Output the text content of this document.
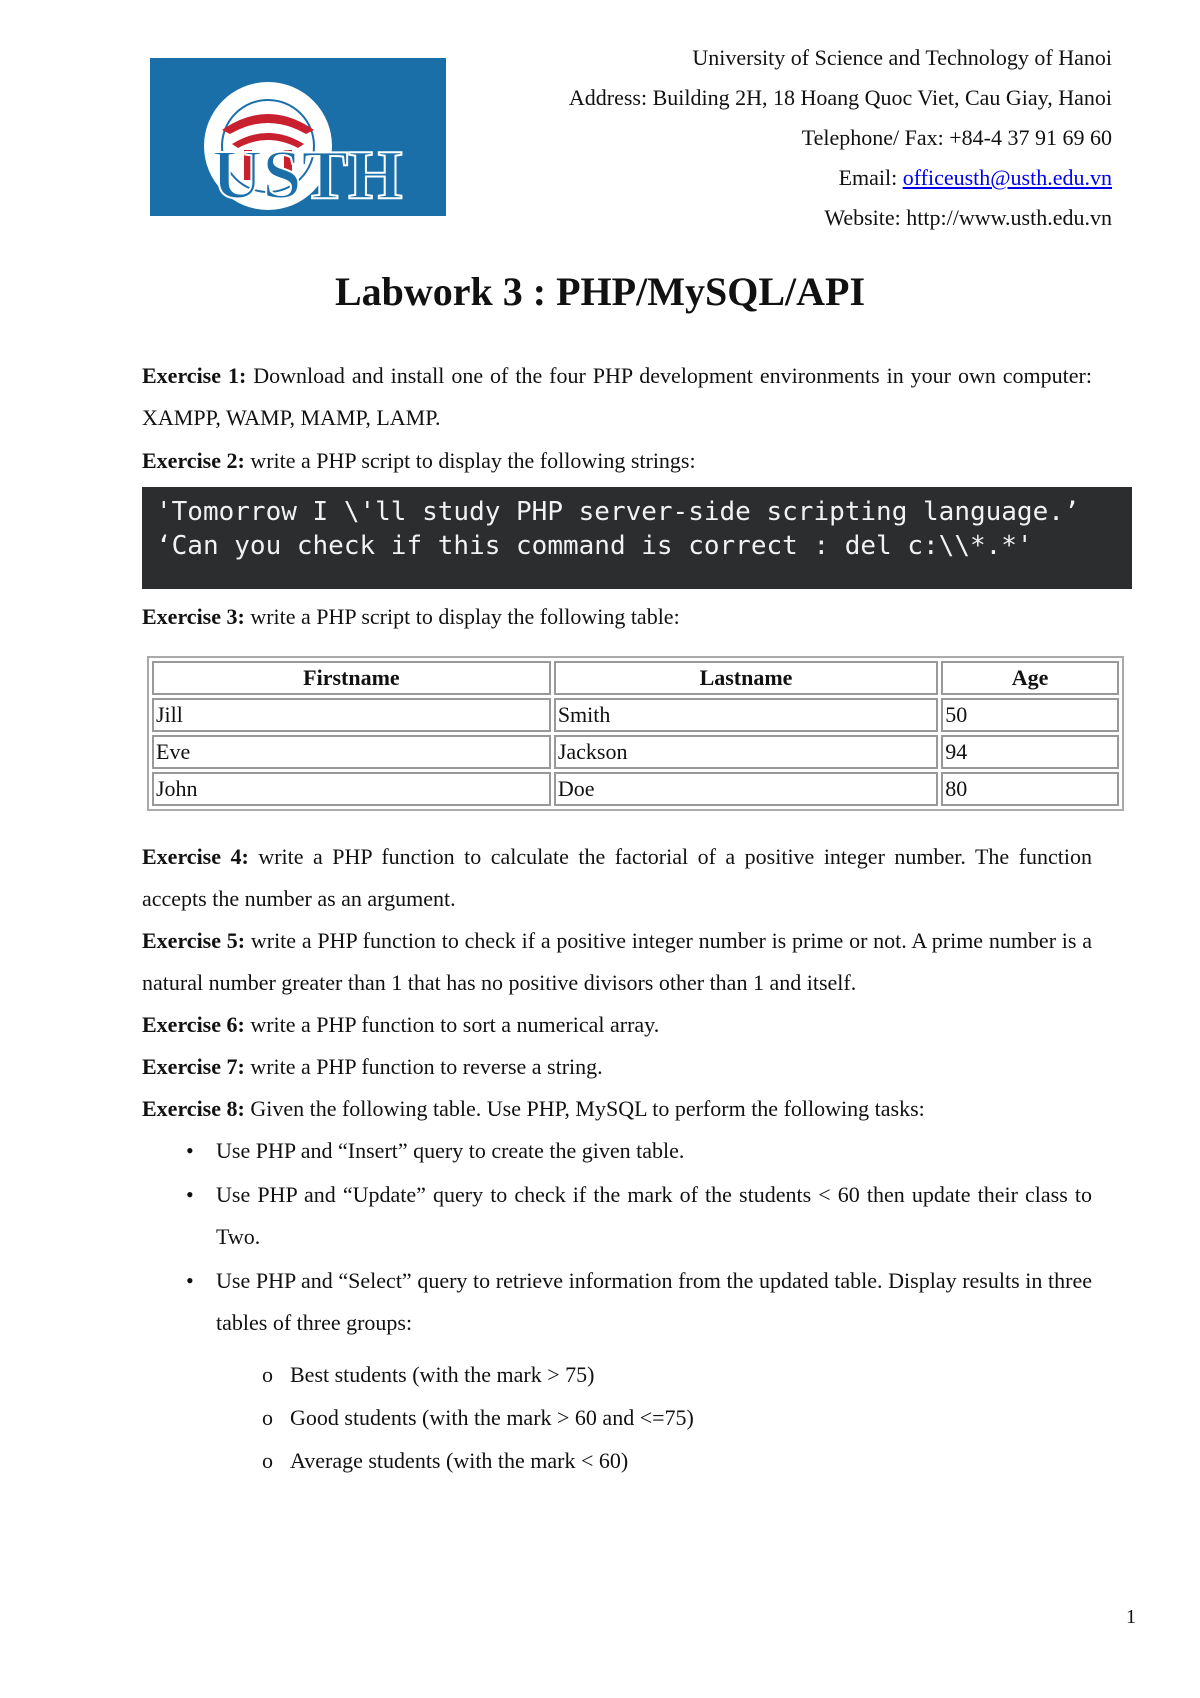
USTH
University of Science and Technology of Hanoi
Address: Building 2H, 18 Hoang Quoc Viet, Cau Giay, Hanoi
Telephone/ Fax: +84-4 37 91 69 60
Email: officeusth@usth.edu.vn
Website: http://www.usth.edu.vn
Labwork 3 : PHP/MySQL/API
Exercise 1: Download and install one of the four PHP development environments in your own computer: XAMPP, WAMP, MAMP, LAMP.
Exercise 2: write a PHP script to display the following strings:
'Tomorrow I \'ll study PHP server-side scripting language.’
‘Can you check if this command is correct : del c:\\*.*'
Exercise 3: write a PHP script to display the following table:
Firstname	Lastname	Age
Jill	Smith	50
Eve	Jackson	94
John	Doe	80
Exercise 4: write a PHP function to calculate the factorial of a positive integer number. The function accepts the number as an argument.
Exercise 5: write a PHP function to check if a positive integer number is prime or not. A prime number is a natural number greater than 1 that has no positive divisors other than 1 and itself.
Exercise 6: write a PHP function to sort a numerical array.
Exercise 7: write a PHP function to reverse a string.
Exercise 8: Given the following table. Use PHP, MySQL to perform the following tasks:
• Use PHP and “Insert” query to create the given table.
• Use PHP and “Update” query to check if the mark of the students < 60 then update their class to Two.
• Use PHP and “Select” query to retrieve information from the updated table. Display results in three tables of three groups:
o Best students (with the mark > 75)
o Good students (with the mark > 60 and <=75)
o Average students (with the mark < 60)
1
